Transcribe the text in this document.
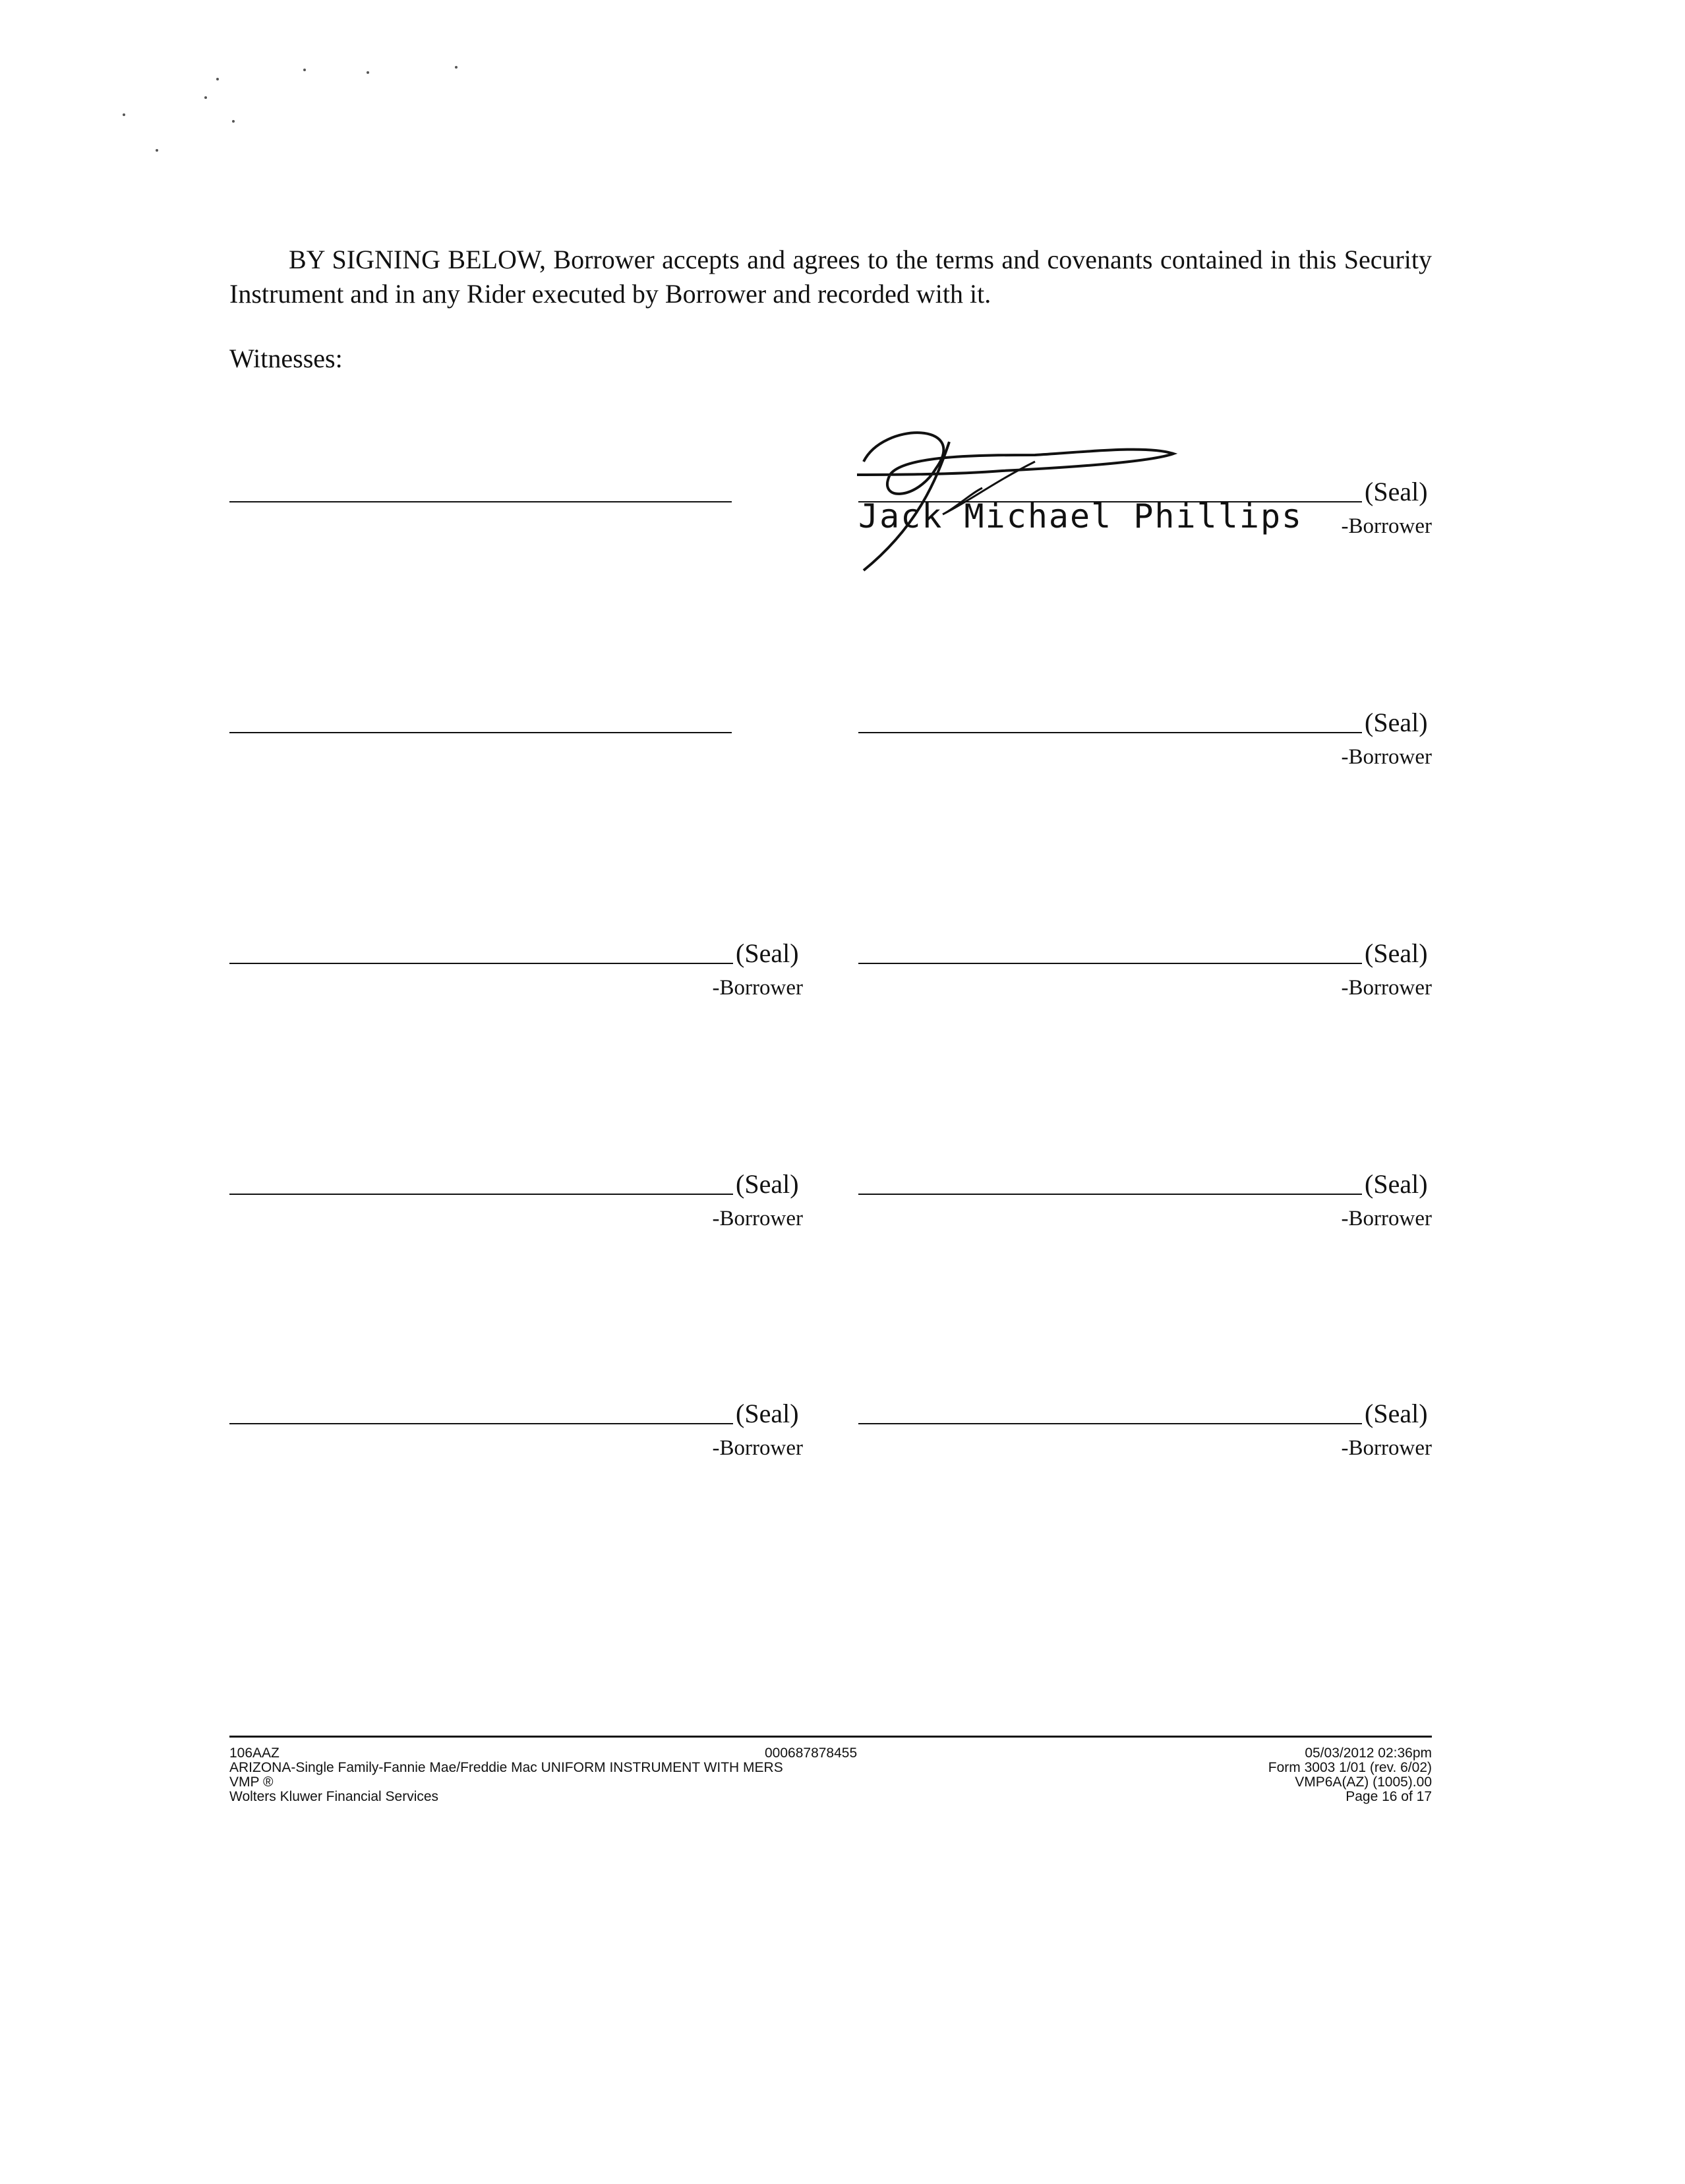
BY SIGNING BELOW, Borrower accepts and agrees to the terms and covenants contained in this Security Instrument and in any Rider executed by Borrower and recorded with it.
Witnesses:
(Seal)
-Borrower
Jack Michael Phillips
(Seal)
-Borrower
(Seal)
-Borrower
(Seal)
-Borrower
(Seal)
-Borrower
(Seal)
-Borrower
(Seal)
-Borrower
(Seal)
-Borrower
106AAZ
ARIZONA-Single Family-Fannie Mae/Freddie Mac UNIFORM INSTRUMENT WITH MERS
VMP ®
Wolters Kluwer Financial Services
000687878455	05/03/2012 02:36pm
Form 3003 1/01 (rev. 6/02)
VMP6A(AZ) (1005).00
Page 16 of 17
